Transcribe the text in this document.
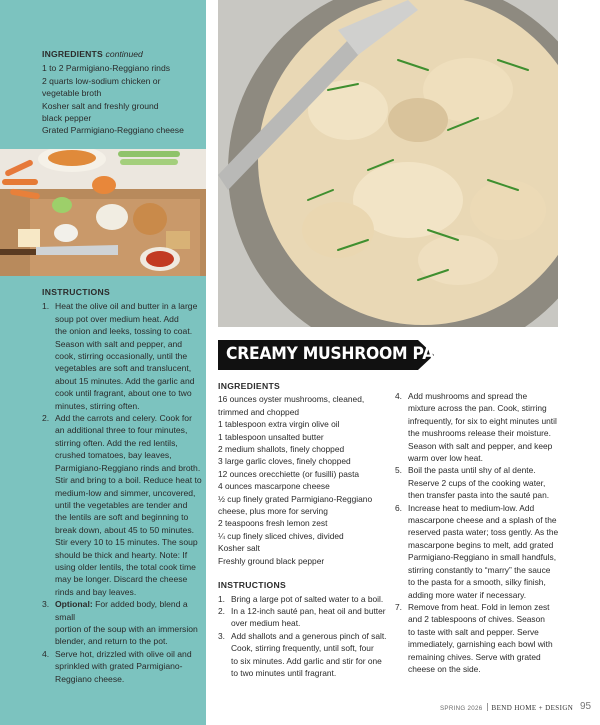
INGREDIENTS continued
1 to 2 Parmigiano-Reggiano rinds
2 quarts low-sodium chicken or
vegetable broth
Kosher salt and freshly ground
black pepper
Grated Parmigiano-Reggiano cheese
INSTRUCTIONS
1. Heat the olive oil and butter in a large
soup pot over medium heat. Add
the onion and leeks, tossing to coat.
Season with salt and pepper, and
cook, stirring occasionally, until the
vegetables are soft and translucent,
about 15 minutes. Add the garlic and
cook until fragrant, about one to two
minutes, stirring often.
2. Add the carrots and celery. Cook for
an additional three to four minutes,
stirring often. Add the red lentils,
crushed tomatoes, bay leaves,
Parmigiano-Reggiano rinds and broth.
Stir and bring to a boil. Reduce heat to
medium-low and simmer, uncovered,
until the vegetables are tender and
the lentils are soft and beginning to
break down, about 45 to 50 minutes.
Stir every 10 to 15 minutes. The soup
should be thick and hearty. Note: If
using older lentils, the total cook time
may be longer. Discard the cheese
rinds and bay leaves.
3. Optional: For added body, blend a small
portion of the soup with an immersion
blender, and return to the pot.
4. Serve hot, drizzled with olive oil and
sprinkled with grated Parmigiano-
Reggiano cheese.
CREAMY MUSHROOM PASTA
INGREDIENTS
16 ounces oyster mushrooms, cleaned,
trimmed and chopped
1 tablespoon extra virgin olive oil
1 tablespoon unsalted butter
2 medium shallots, finely chopped
3 large garlic cloves, finely chopped
12 ounces orecchiette (or fusilli) pasta
4 ounces mascarpone cheese
½ cup finely grated Parmigiano-Reggiano
cheese, plus more for serving
2 teaspoons fresh lemon zest
¼ cup finely sliced chives, divided
Kosher salt
Freshly ground black pepper
INSTRUCTIONS
1. Bring a large pot of salted water to a boil.
2. In a 12-inch sauté pan, heat oil and butter
over medium heat.
3. Add shallots and a generous pinch of salt.
Cook, stirring frequently, until soft, four
to six minutes. Add garlic and stir for one
to two minutes until fragrant.
4. Add mushrooms and spread the
mixture across the pan. Cook, stirring
infrequently, for six to eight minutes until
the mushrooms release their moisture.
Season with salt and pepper, and keep
warm over low heat.
5. Boil the pasta until shy of al dente.
Reserve 2 cups of the cooking water,
then transfer pasta into the sauté pan.
6. Increase heat to medium-low. Add
mascarpone cheese and a splash of the
reserved pasta water; toss gently. As the
mascarpone begins to melt, add grated
Parmigiano-Reggiano in small handfuls,
stirring constantly to “marry” the sauce
to the pasta for a smooth, silky finish,
adding more water if necessary.
7. Remove from heat. Fold in lemon zest
and 2 tablespoons of chives. Season
to taste with salt and pepper. Serve
immediately, garnishing each bowl with
remaining chives. Serve with grated
cheese on the side.
SPRING 2026 BEND HOME + DESIGN 95
